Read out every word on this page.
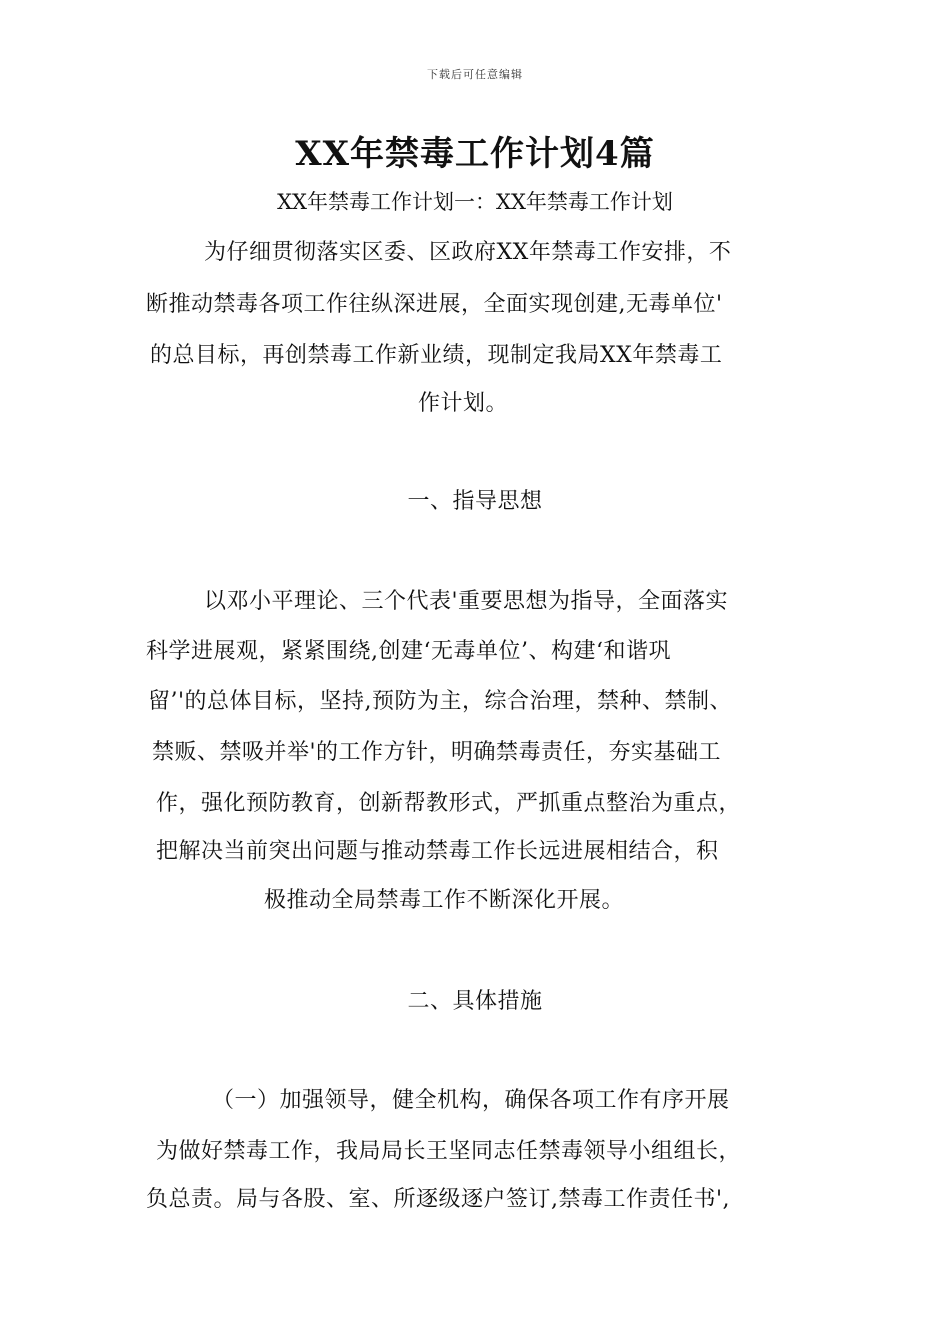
下载后可任意编辑
XX年禁毒工作计划4篇
XX年禁毒工作计划一：XX年禁毒工作计划
为仔细贯彻落实区委、区政府XX年禁毒工作安排，不
断推动禁毒各项工作往纵深进展，全面实现创建,无毒单位'
的总目标，再创禁毒工作新业绩，现制定我局XX年禁毒工
作计划。
一、指导思想
以邓小平理论、三个代表'重要思想为指导，全面落实
科学进展观，紧紧围绕,创建‘无毒单位’、构建‘和谐巩
留’'的总体目标，坚持,预防为主，综合治理，禁种、禁制、
禁贩、禁吸并举'的工作方针，明确禁毒责任，夯实基础工
作，强化预防教育，创新帮教形式，严抓重点整治为重点，
把解决当前突出问题与推动禁毒工作长远进展相结合，积
极推动全局禁毒工作不断深化开展。
二、具体措施
（一）加强领导，健全机构，确保各项工作有序开展
为做好禁毒工作，我局局长王坚同志任禁毒领导小组组长，
负总责。局与各股、室、所逐级逐户签订,禁毒工作责任书',
